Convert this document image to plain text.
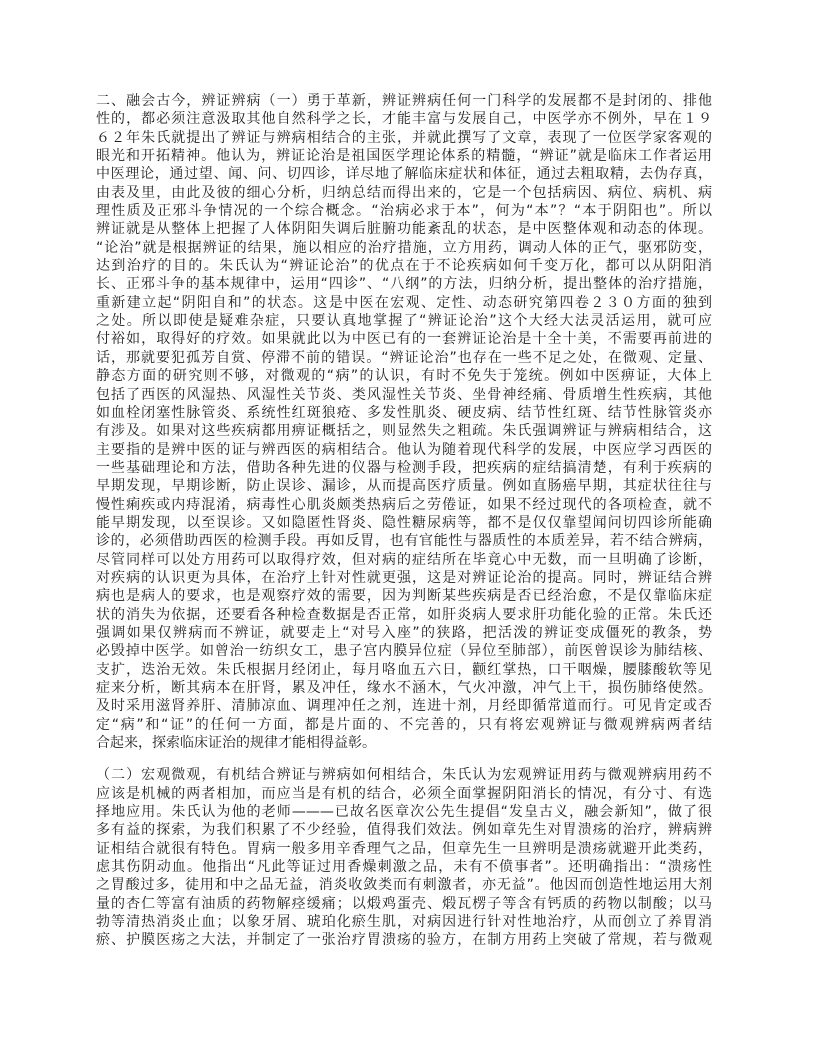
二、融会古今，辨证辨病（一）勇于革新，辨证辨病任何一门科学的发展都不是封闭的、排他
性的，都必须注意汲取其他自然科学之长，才能丰富与发展自己，中医学亦不例外，早在１９
６２年朱氏就提出了辨证与辨病相结合的主张，并就此撰写了文章，表现了一位医学家客观的
眼光和开拓精神。他认为，辨证论治是祖国医学理论体系的精髓，“辨证”就是临床工作者运用
中医理论，通过望、闻、问、切四诊，详尽地了解临床症状和体征，通过去粗取精，去伪存真，
由表及里，由此及彼的细心分析，归纳总结而得出来的，它是一个包括病因、病位、病机、病
理性质及正邪斗争情况的一个综合概念。“治病必求于本”，何为“本”？“本于阴阳也”。所以
辨证就是从整体上把握了人体阴阳失调后脏腑功能紊乱的状态，是中医整体观和动态的体现。
“论治”就是根据辨证的结果，施以相应的治疗措施，立方用药，调动人体的正气，驱邪防变，
达到治疗的目的。朱氏认为“辨证论治”的优点在于不论疾病如何千变万化，都可以从阴阳消
长、正邪斗争的基本规律中，运用“四诊”、“八纲”的方法，归纳分析，提出整体的治疗措施，
重新建立起“阴阳自和”的状态。这是中医在宏观、定性、动态研究第四卷２３０方面的独到
之处。所以即使是疑难杂症，只要认真地掌握了“辨证论治”这个大经大法灵活运用，就可应
付裕如，取得好的疗效。如果就此以为中医已有的一套辨证论治是十全十美，不需要再前进的
话，那就要犯孤芳自赏、停滞不前的错误。“辨证论治”也存在一些不足之处，在微观、定量、
静态方面的研究则不够，对微观的“病”的认识，有时不免失于笼统。例如中医痹证，大体上
包括了西医的风湿热、风湿性关节炎、类风湿性关节炎、坐骨神经痛、骨质增生性疾病，其他
如血栓闭塞性脉管炎、系统性红斑狼疮、多发性肌炎、硬皮病、结节性红斑、结节性脉管炎亦
有涉及。如果对这些疾病都用痹证概括之，则显然失之粗疏。朱氏强调辨证与辨病相结合，这
主要指的是辨中医的证与辨西医的病相结合。他认为随着现代科学的发展，中医应学习西医的
一些基础理论和方法，借助各种先进的仪器与检测手段，把疾病的症结搞清楚，有利于疾病的
早期发现，早期诊断，防止误诊、漏诊，从而提高医疗质量。例如直肠癌早期，其症状往往与
慢性痢疾或内痔混淆，病毒性心肌炎颇类热病后之劳倦证，如果不经过现代的各项检查，就不
能早期发现，以至误诊。又如隐匿性肾炎、隐性糖尿病等，都不是仅仅靠望闻问切四诊所能确
诊的，必须借助西医的检测手段。再如反胃，也有官能性与器质性的本质差异，若不结合辨病，
尽管同样可以处方用药可以取得疗效，但对病的症结所在毕竟心中无数，而一旦明确了诊断，
对疾病的认识更为具体，在治疗上针对性就更强，这是对辨证论治的提高。同时，辨证结合辨
病也是病人的要求，也是观察疗效的需要，因为判断某些疾病是否已经治愈，不是仅靠临床症
状的消失为依据，还要看各种检查数据是否正常，如肝炎病人要求肝功能化验的正常。朱氏还
强调如果仅辨病而不辨证，就要走上“对号入座”的狭路，把活泼的辨证变成僵死的教条，势
必毁掉中医学。如曾治一纺织女工，患子宫内膜异位症（异位至肺部），前医曾误诊为肺结核、
支扩，迭治无效。朱氏根据月经闭止，每月咯血五六日，颧红掌热，口干咽燥，腰膝酸软等见
症来分析，断其病本在肝肾，累及冲任，缘水不涵木，气火冲激，冲气上干，损伤肺络使然。
及时采用滋肾养肝、清肺凉血、调理冲任之剂，连进十剂，月经即循常道而行。可见肯定或否
定“病”和“证”的任何一方面，都是片面的、不完善的，只有将宏观辨证与微观辨病两者结
合起来，探索临床证治的规律才能相得益彰。
（二）宏观微观，有机结合辨证与辨病如何相结合，朱氏认为宏观辨证用药与微观辨病用药不
应该是机械的两者相加，而应当是有机的结合，必须全面掌握阴阳消长的情况，有分寸、有选
择地应用。朱氏认为他的老师———已故名医章次公先生提倡“发皇古义，融会新知”，做了很
多有益的探索，为我们积累了不少经验，值得我们效法。例如章先生对胃溃疡的治疗，辨病辨
证相结合就很有特色。胃病一般多用辛香理气之品，但章先生一旦辨明是溃疡就避开此类药，
虑其伤阴动血。他指出“凡此等证过用香燥刺激之品，未有不偾事者”。还明确指出：“溃疡性
之胃酸过多，徒用和中之品无益，消炎收敛类而有刺激者，亦无益”。他因而创造性地运用大剂
量的杏仁等富有油质的药物解痉缓痛；以煅鸡蛋壳、煅瓦楞子等含有钙质的药物以制酸；以马
勃等清热消炎止血；以象牙屑、琥珀化瘀生肌，对病因进行针对性地治疗，从而创立了养胃消
瘀、护膜医疡之大法，并制定了一张治疗胃溃疡的验方，在制方用药上突破了常规，若与微观
